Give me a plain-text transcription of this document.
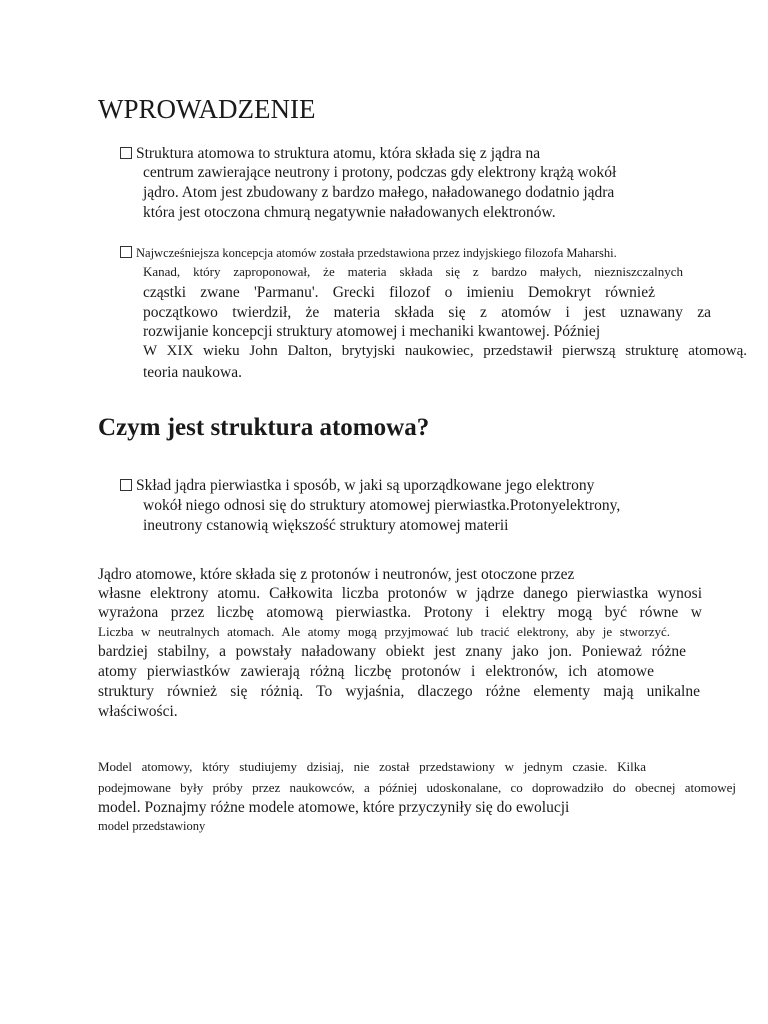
WPROWADZENIE
Struktura atomowa to struktura atomu, która składa się z jądra na
centrum zawierające neutrony i protony, podczas gdy elektrony krążą wokół
jądro. Atom jest zbudowany z bardzo małego, naładowanego dodatnio jądra
która jest otoczona chmurą negatywnie naładowanych elektronów.
Najwcześniejsza koncepcja atomów została przedstawiona przez indyjskiego filozofa Maharshi.
Kanad, który zaproponował, że materia składa się z bardzo małych, niezniszczalnych
cząstki zwane 'Parmanu'. Grecki filozof o imieniu Demokryt również
początkowo twierdził, że materia składa się z atomów i jest uznawany za
rozwijanie koncepcji struktury atomowej i mechaniki kwantowej. Później
W XIX wieku John Dalton, brytyjski naukowiec, przedstawił pierwszą strukturę atomową.
teoria naukowa.
Czym jest struktura atomowa?
Skład jądra pierwiastka i sposób, w jaki są uporządkowane jego elektrony
wokół niego odnosi się do struktury atomowej pierwiastka.Protonyelektrony,
ineutrony cstanowią większość struktury atomowej materii
Jądro atomowe, które składa się z protonów i neutronów, jest otoczone przez
własne elektrony atomu. Całkowita liczba protonów w jądrze danego pierwiastka wynosi
wyrażona przez liczbę atomową pierwiastka. Protony i elektry mogą być równe w
Liczba w neutralnych atomach. Ale atomy mogą przyjmować lub tracić elektrony, aby je stworzyć.
bardziej stabilny, a powstały naładowany obiekt jest znany jako jon. Ponieważ różne
atomy pierwiastków zawierają różną liczbę protonów i elektronów, ich atomowe
struktury również się różnią. To wyjaśnia, dlaczego różne elementy mają unikalne
właściwości.
Model atomowy, który studiujemy dzisiaj, nie został przedstawiony w jednym czasie. Kilka
podejmowane były próby przez naukowców, a później udoskonalane, co doprowadziło do obecnej atomowej
model. Poznajmy różne modele atomowe, które przyczyniły się do ewolucji
model przedstawiony
